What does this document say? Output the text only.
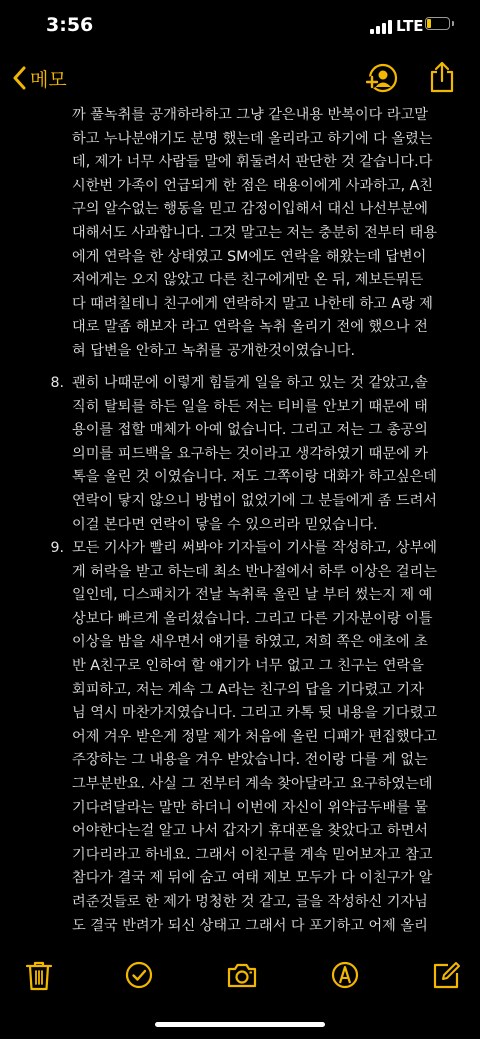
3:56	LTE
메모
까 풀녹취를 공개하라하고 그냥 같은내용 반복이다 라고말
하고 누나분얘기도 분명 했는데 올리라고 하기에 다 올렸는
데, 제가 너무 사람들 말에 휘둘려서 판단한 것 같습니다.다
시한번 가족이 언급되게 한 점은 태용이에게 사과하고, A친
구의 알수없는 행동을 믿고 감정이입해서 대신 나선부분에
대해서도 사과합니다. 그것 말고는 저는 충분히 전부터 태용
에게 연락을 한 상태였고 SM에도 연락을 해왔는데 답변이
저에게는 오지 않았고 다른 친구에게만 온 뒤, 제보든뭐든
다 때려칠테니 친구에게 연락하지 말고 나한테 하고 A랑 제
대로 말좀 해보자 라고 연락을 녹취 올리기 전에 했으나 전
혀 답변을 안하고 녹취를 공개한것이였습니다.
8. 괜히 나때문에 이렇게 힘들게 일을 하고 있는 것 같았고,솔
직히 탈퇴를 하든 일을 하든 저는 티비를 안보기 때문에 태
용이를 접할 매체가 아예 없습니다. 그리고 저는 그 총공의
의미를 피드백을 요구하는 것이라고 생각하였기 때문에 카
톡을 올린 것 이였습니다. 저도 그쪽이랑 대화가 하고싶은데
연락이 닿지 않으니 방법이 없었기에 그 분들에게 좀 드려서
이걸 본다면 연락이 닿을 수 있으리라 믿었습니다.
9. 모든 기사가 빨리 써봐야 기자들이 기사를 작성하고, 상부에
게 허락을 받고 하는데 최소 반나절에서 하루 이상은 걸리는
일인데, 디스패치가 전날 녹취록 올린 날 부터 썼는지 제 예
상보다 빠르게 올리셨습니다. 그리고 다른 기자분이랑 이틀
이상을 밤을 새우면서 얘기를 하였고, 저희 쪽은 애초에 초
반 A친구로 인하여 할 얘기가 너무 없고 그 친구는 연락을
회피하고, 저는 계속 그 A라는 친구의 답을 기다렸고 기자
님 역시 마찬가지였습니다. 그리고 카톡 뒷 내용을 기다렸고
어제 겨우 받은게 정말 제가 처음에 올린 디패가 편집했다고
주장하는 그 내용을 겨우 받았습니다. 전이랑 다를 게 없는
그부분반요. 사실 그 전부터 계속 찾아달라고 요구하였는데
기다려달라는 말만 하더니 이번에 자신이 위약금두배를 물
어야한다는걸 알고 나서 갑자기 휴대폰을 찾았다고 하면서
기다리라고 하네요. 그래서 이친구를 계속 믿어보자고 참고
참다가 결국 제 뒤에 숨고 여태 제보 모두가 다 이친구가 알
려준것들로 한 제가 멍청한 것 같고, 글을 작성하신 기자님
도 결국 반려가 되신 상태고 그래서 다 포기하고 어제 올리
